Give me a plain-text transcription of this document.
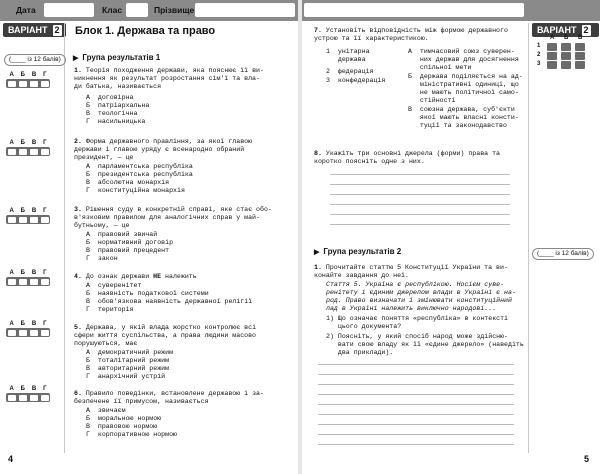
Дата	Клас	Прізвище
ВАРІАНТ 2	ВАРІАНТ 2
Блок 1. Держава та право
▶ Група результатів 1
(____ із 12 балів)
А Б В Г
А Б В Г
А Б В Г
А Б В Г
А Б В Г
А Б В Г
1. Теорія походження держави, яка пояснює її ви-
никнення як результат розростання сім'ї та вла-
ди батька, називається
А  договірна
Б  патріархальна
В  теологічна
Г  насильницька
2. Форма державного правління, за якої главою
держави і главою уряду є всенародно обраний
президент, — це
А  парламентська республіка
Б  президентська республіка
В  абсолютна монархія
Г  конституційна монархія
3. Рішення суду в конкретній справі, яке стає обо-
в'язковим правилом для аналогічних справ у май-
бутньому, — це
А  правовий звичай
Б  нормативний договір
В  правовий прецедент
Г  закон
4. До ознак держави НЕ належить
А  суверенітет
Б  наявність податкової системи
В  обов'язкова наявність державної релігії
Г  територія
5. Держава, у якій влада жорстко контролює всі
сфери життя суспільства, а права людини масово
порушуються, має
А  демократичний режим
Б  тоталітарний режим
В  авторитарний режим
Г  анархічний устрій
6. Правило поведінки, встановлене державою і за-
безпечене її примусом, називається
А  звичаєм
Б  моральною нормою
В  правовою нормою
Г  корпоративною нормою
7. Установіть відповідність між формою державного
устрою та її характеристикою.
1  унітарна
держава
2  федерація
3  конфедерація
А  тимчасовий союз суверен-
них держав для досягнення
спільної мети
Б  держава поділяється на ад-
міністративні одиниці, що
не мають політичної само-
стійності
В  союзна держава, суб'єкти
якої мають власні консти-
туції та законодавство
А Б В
1
2
3
8. Укажіть три основні джерела (форми) права та
коротко поясніть одне з них.
▶ Група результатів 2	(____ із 12 балів)
1. Прочитайте статтю 5 Конституції України та ви-
конайте завдання до неї.
Стаття 5. Україна є республікою. Носієм суве-
ренітету і єдиним джерелом влади в Україні є на-
род. Право визначати і змінювати конституційний
лад в Україні належить виключно народові...
1) Що означає поняття «республіка» в контексті
цього документа?
2) Поясніть, у який спосіб народ може здійсню-
вати свою владу як її «єдине джерело» (наведіть
два приклади).
4	5
